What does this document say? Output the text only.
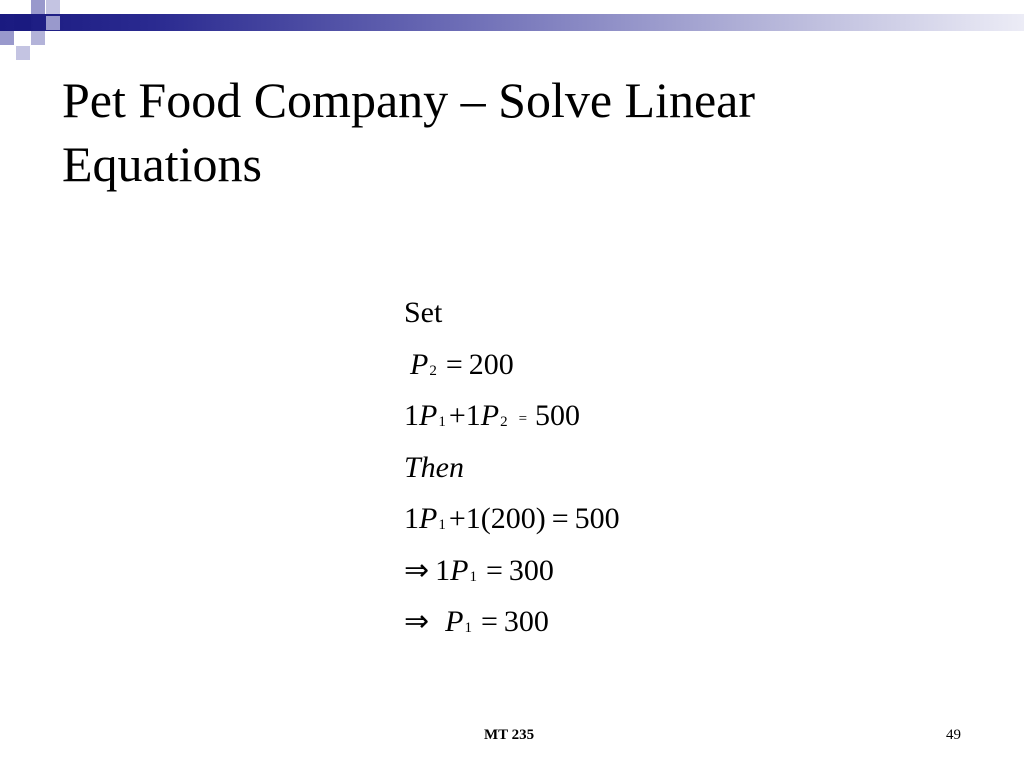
Pet Food Company – Solve Linear Equations
Set
P2 = 200
1P1 +1P2 = 500
Then
1P1 +1(200) = 500
⇒ 1P1 = 300
⇒ P1 = 300
MT 235	49
